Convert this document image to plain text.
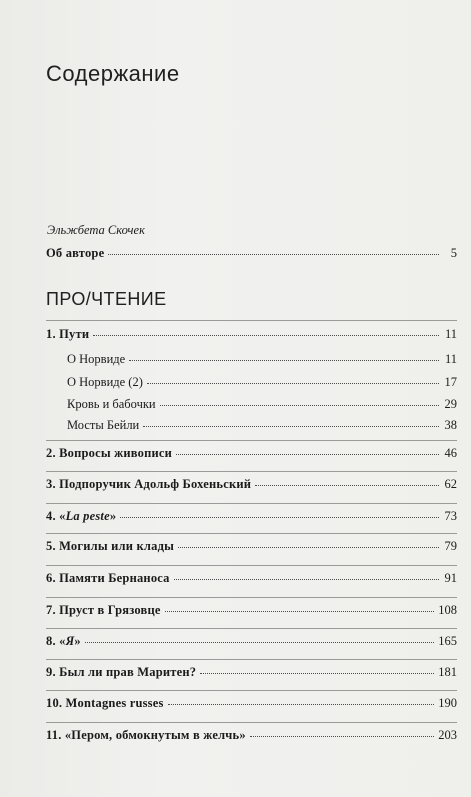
Содержание
Эльжбета Скочек
Об авторе	5
ПРО/ЧТЕНИЕ
1. Пути	11
О Норвиде	11
О Норвиде (2)	17
Кровь и бабочки	29
Мосты Бейли	38
2. Вопросы живописи	46
3. Подпоручик Адольф Бохеньский	62
4. «La peste»	73
5. Могилы или клады	79
6. Памяти Бернаноса	91
7. Пруст в Грязовце	108
8. «Я»	165
9. Был ли прав Маритен?	181
10. Montagnes russes	190
11. «Пером, обмокнутым в желчь»	203
